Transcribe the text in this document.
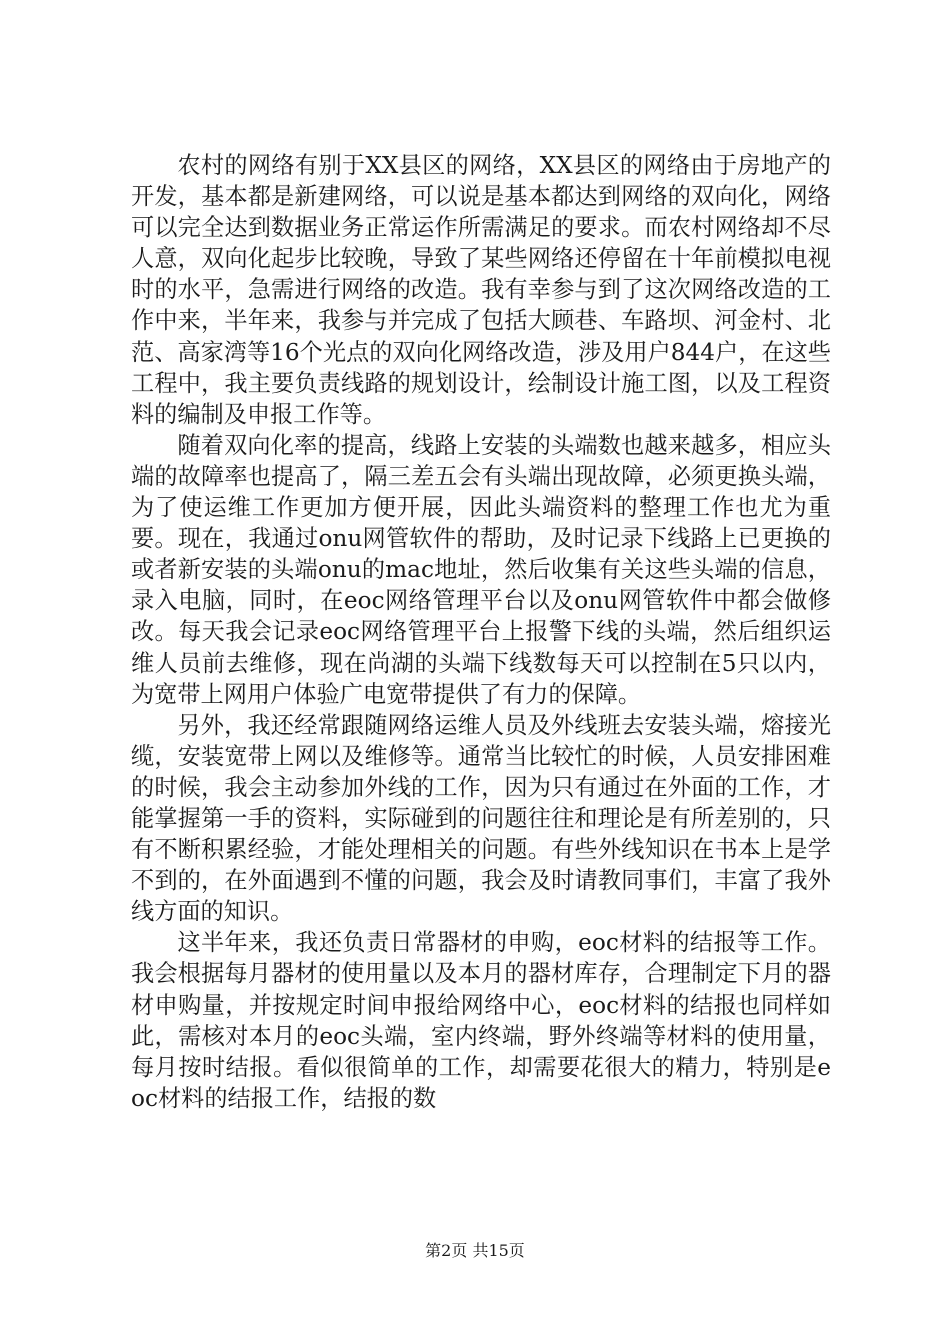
农村的网络有别于XX县区的网络，XX县区的网络由于房地产的开发，基本都是新建网络，可以说是基本都达到网络的双向化，网络可以完全达到数据业务正常运作所需满足的要求。而农村网络却不尽人意，双向化起步比较晚，导致了某些网络还停留在十年前模拟电视时的水平，急需进行网络的改造。我有幸参与到了这次网络改造的工作中来，半年来，我参与并完成了包括大顾巷、车路坝、河金村、北范、高家湾等16个光点的双向化网络改造，涉及用户844户，在这些工程中，我主要负责线路的规划设计，绘制设计施工图，以及工程资料的编制及申报工作等。

随着双向化率的提高，线路上安装的头端数也越来越多，相应头端的故障率也提高了，隔三差五会有头端出现故障，必须更换头端，为了使运维工作更加方便开展，因此头端资料的整理工作也尤为重要。现在，我通过onu网管软件的帮助，及时记录下线路上已更换的或者新安装的头端onu的mac地址，然后收集有关这些头端的信息，录入电脑，同时，在eoc网络管理平台以及onu网管软件中都会做修改。每天我会记录eoc网络管理平台上报警下线的头端，然后组织运维人员前去维修，现在尚湖的头端下线数每天可以控制在5只以内，为宽带上网用户体验广电宽带提供了有力的保障。

另外，我还经常跟随网络运维人员及外线班去安装头端，熔接光缆，安装宽带上网以及维修等。通常当比较忙的时候，人员安排困难的时候，我会主动参加外线的工作，因为只有通过在外面的工作，才能掌握第一手的资料，实际碰到的问题往往和理论是有所差别的，只有不断积累经验，才能处理相关的问题。有些外线知识在书本上是学不到的，在外面遇到不懂的问题，我会及时请教同事们，丰富了我外线方面的知识。

这半年来，我还负责日常器材的申购，eoc材料的结报等工作。我会根据每月器材的使用量以及本月的器材库存，合理制定下月的器材申购量，并按规定时间申报给网络中心，eoc材料的结报也同样如此，需核对本月的eoc头端，室内终端，野外终端等材料的使用量，每月按时结报。看似很简单的工作，却需要花很大的精力，特别是eoc材料的结报工作，结报的数

第2页 共15页
